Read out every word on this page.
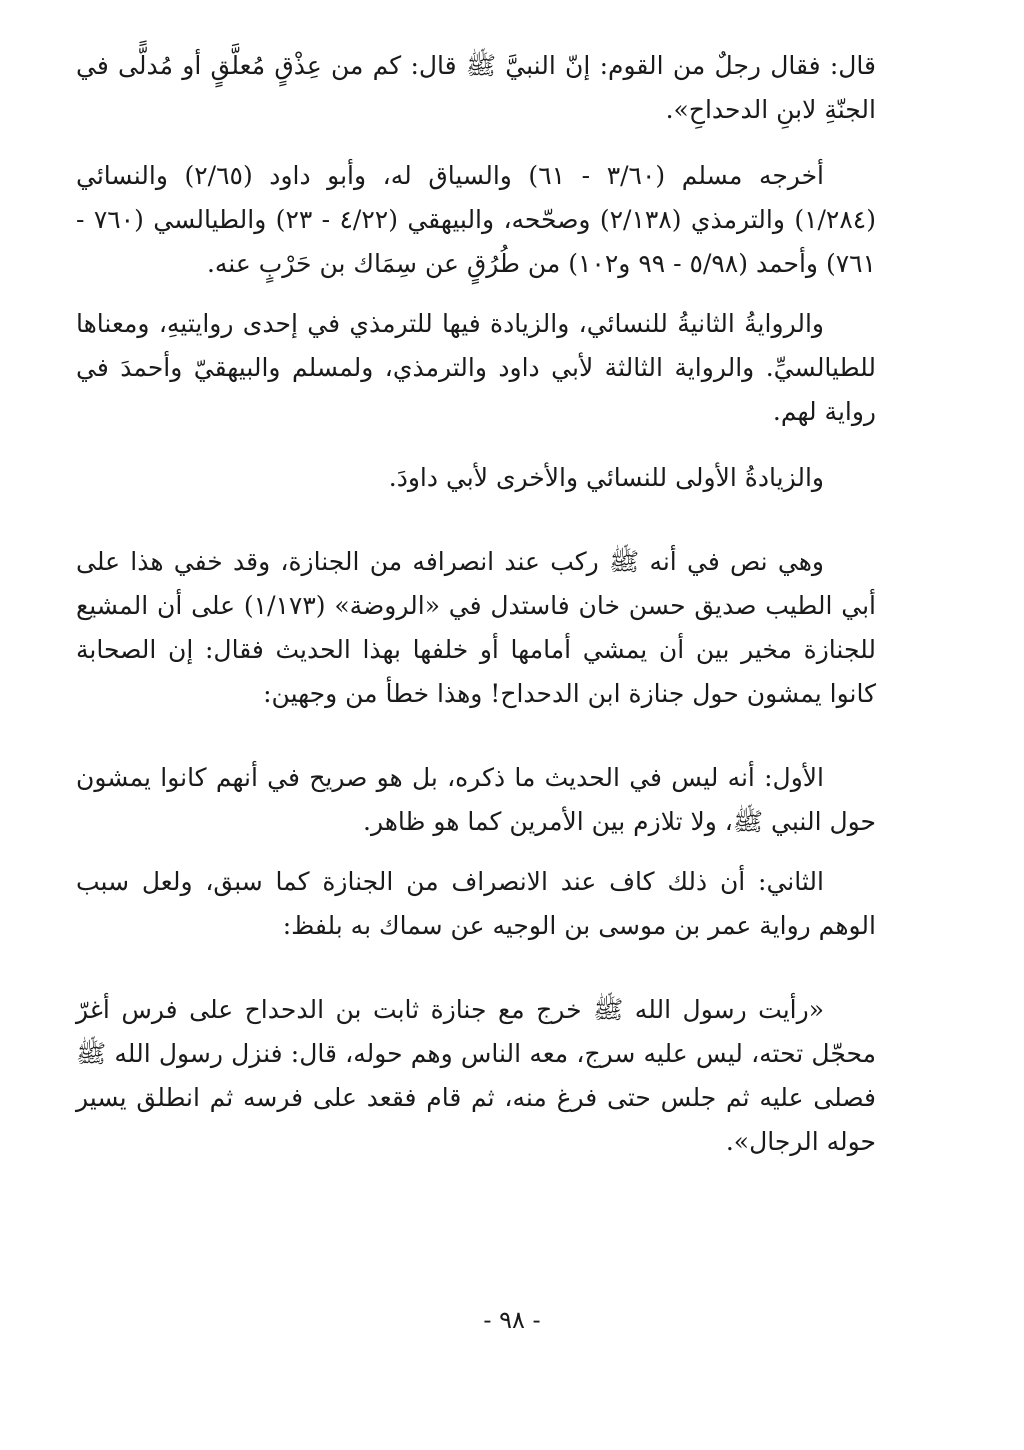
قال: فقال رجلٌ من القوم: إنّ النبيَّ ﷺ قال: كم من عِذْقٍ مُعلَّقٍ أو مُدلًّى في الجنّةِ لابنِ الدحداحِ».

أخرجه مسلم (٣/٦٠ - ٦١) والسياق له، وأبو داود (٢/٦٥) والنسائي (١/٢٨٤) والترمذي (٢/١٣٨) وصحّحه، والبيهقي (٤/٢٢ - ٢٣) والطيالسي (٧٦٠ - ٧٦١) وأحمد (٥/٩٨ - ٩٩ و١٠٢) من طُرُقٍ عن سِمَاك بن حَرْبٍ عنه.

والروايةُ الثانيةُ للنسائي، والزيادة فيها للترمذي في إحدى روايتيهِ، ومعناها للطيالسيِّ. والرواية الثالثة لأبي داود والترمذي، ولمسلم والبيهقيّ وأحمدَ في رواية لهم.

والزيادةُ الأولى للنسائي والأخرى لأبي داودَ.

وهي نص في أنه ﷺ ركب عند انصرافه من الجنازة، وقد خفي هذا على أبي الطيب صديق حسن خان فاستدل في «الروضة» (١/١٧٣) على أن المشيع للجنازة مخير بين أن يمشي أمامها أو خلفها بهذا الحديث فقال: إن الصحابة كانوا يمشون حول جنازة ابن الدحداح! وهذا خطأ من وجهين:

الأول: أنه ليس في الحديث ما ذكره، بل هو صريح في أنهم كانوا يمشون حول النبي ﷺ، ولا تلازم بين الأمرين كما هو ظاهر.

الثاني: أن ذلك كاف عند الانصراف من الجنازة كما سبق، ولعل سبب الوهم رواية عمر بن موسى بن الوجيه عن سماك به بلفظ:

«رأيت رسول الله ﷺ خرج مع جنازة ثابت بن الدحداح على فرس أغرّ محجّل تحته، ليس عليه سرج، معه الناس وهم حوله، قال: فنزل رسول الله ﷺ فصلى عليه ثم جلس حتى فرغ منه، ثم قام فقعد على فرسه ثم انطلق يسير حوله الرجال».

- ٩٨ -
